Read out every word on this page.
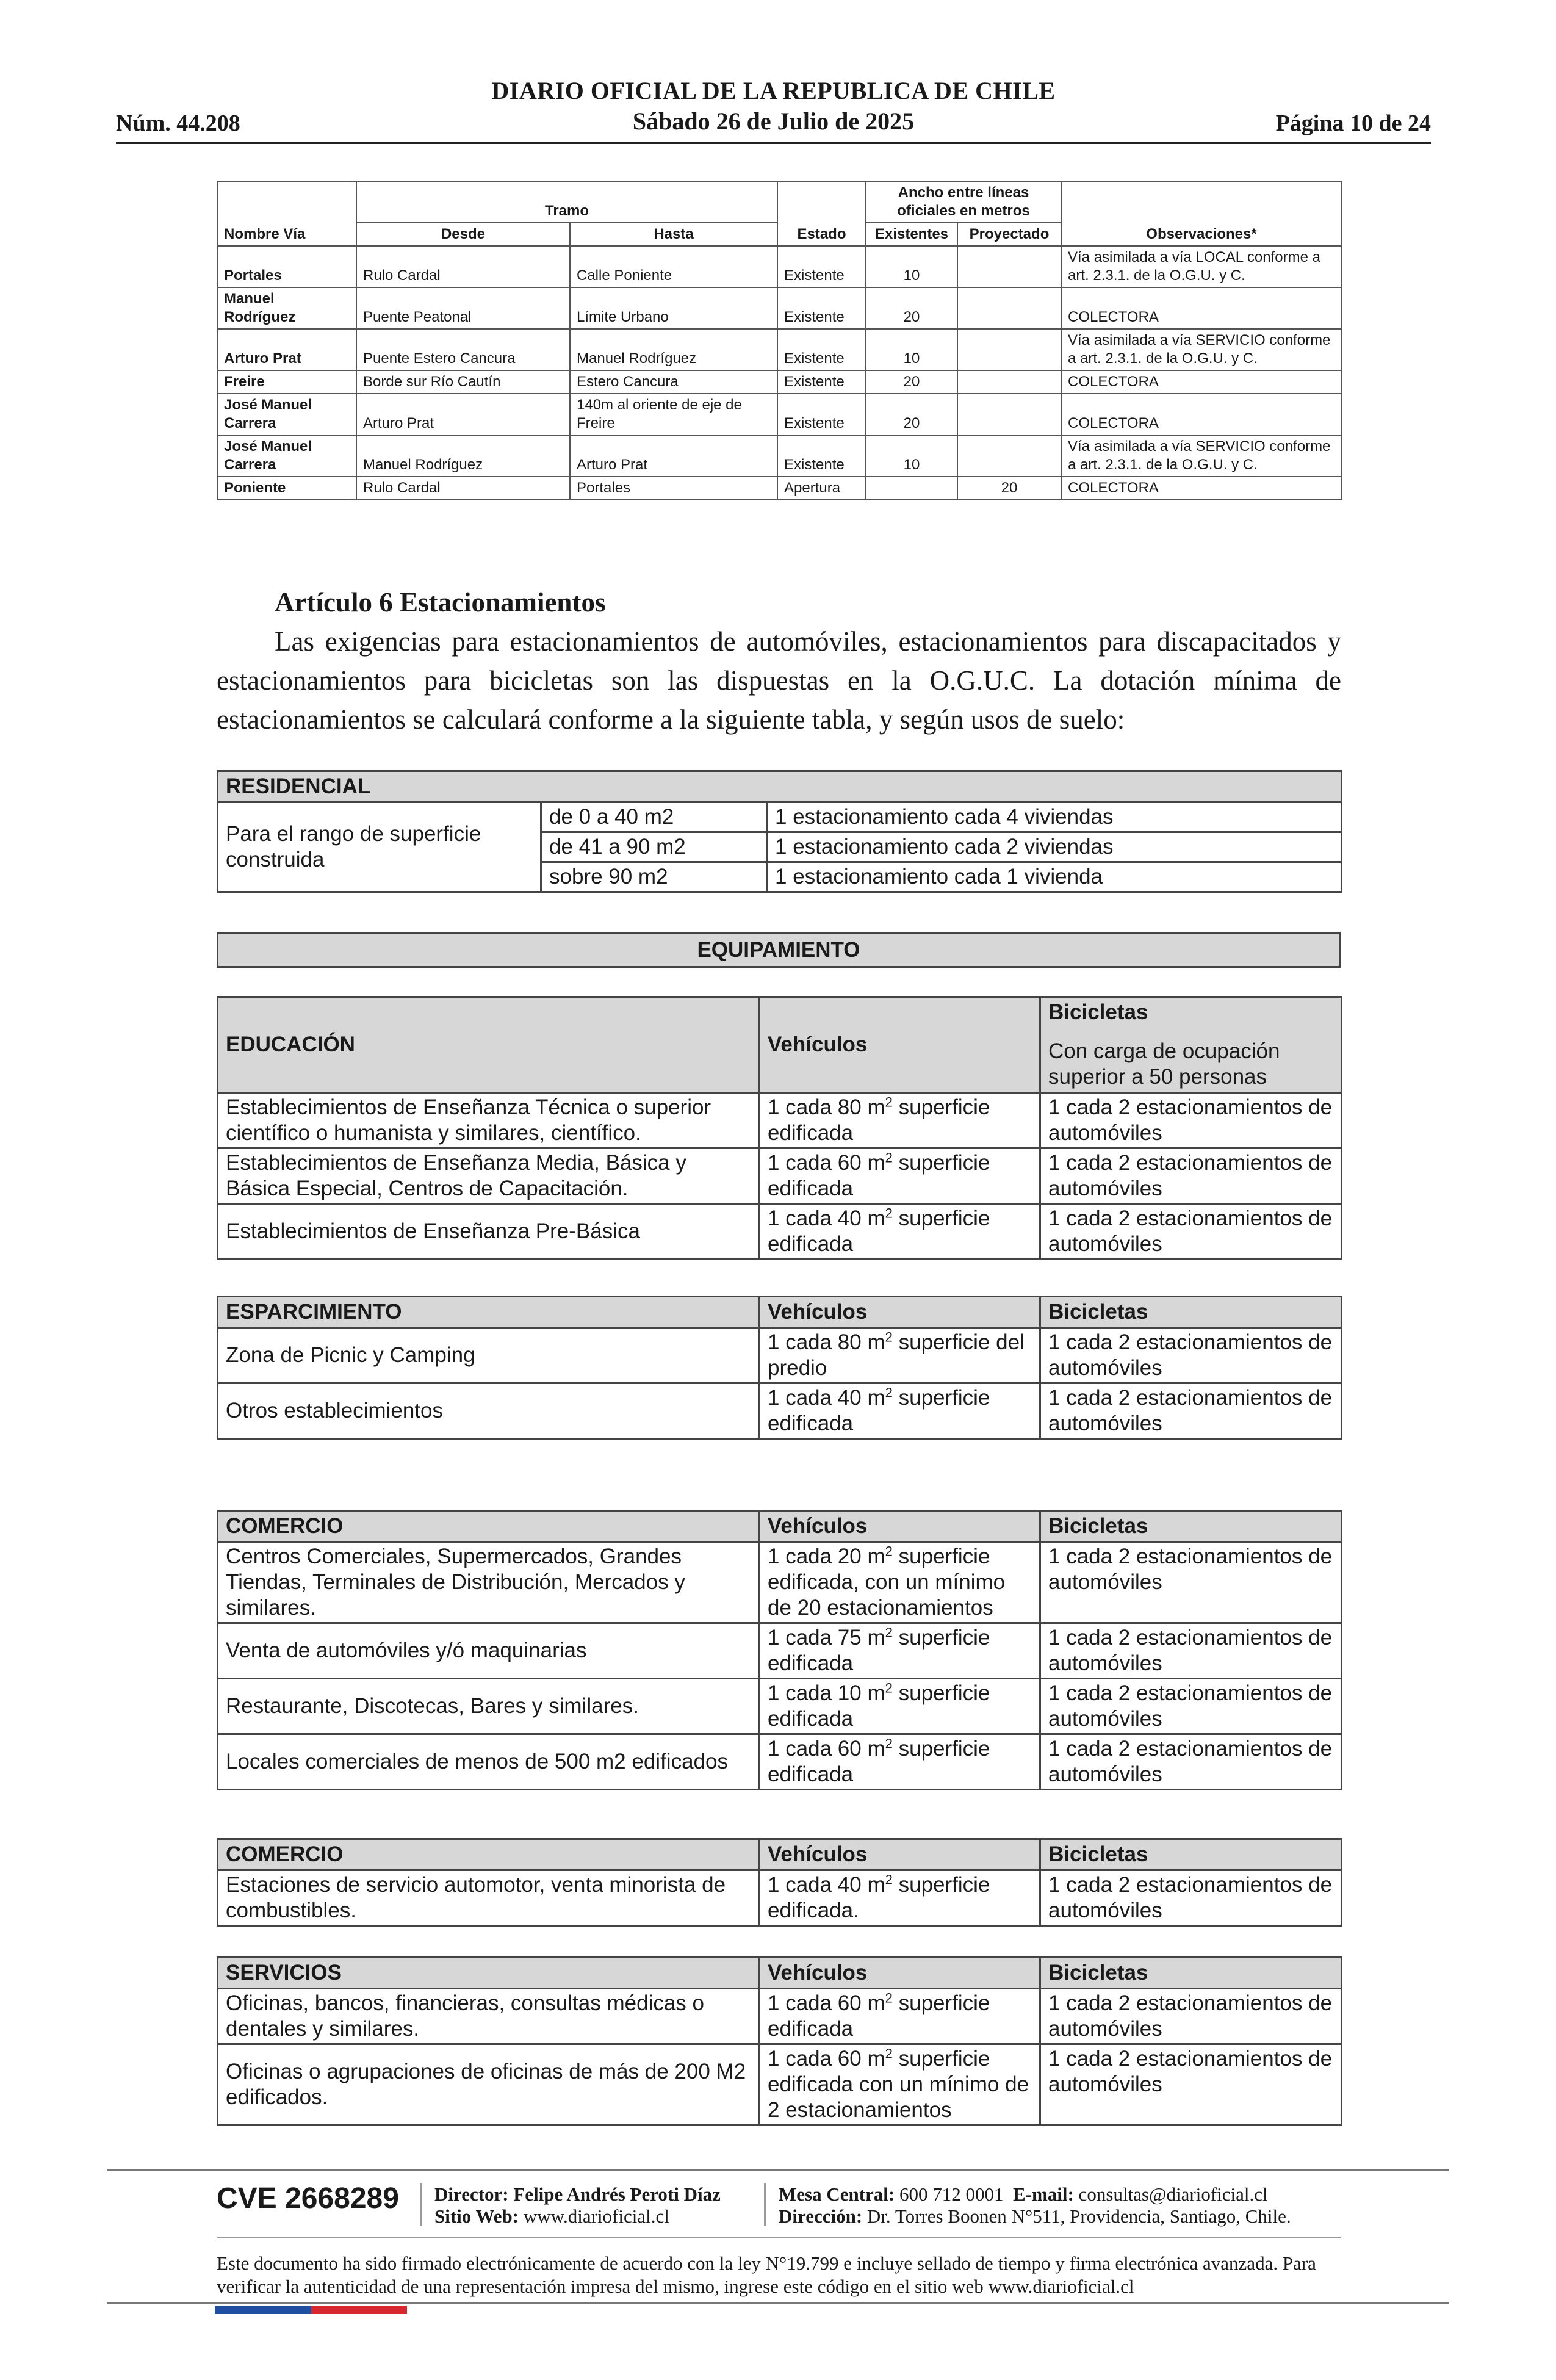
Núm. 44.208
DIARIO OFICIAL DE LA REPUBLICA DE CHILE
Sábado 26 de Julio de 2025	Página 10 de 24
Nombre Vía	Tramo		Estado	Ancho entre líneas oficiales en metros		Observaciones*
	Desde	Hasta		Existentes	Proyectado	
Portales	Rulo Cardal	Calle Poniente	Existente	10		Vía asimilada a vía LOCAL conforme a art. 2.3.1. de la O.G.U. y C.
Manuel Rodríguez	Puente Peatonal	Límite Urbano	Existente	20		COLECTORA
Arturo Prat	Puente Estero Cancura	Manuel Rodríguez	Existente	10		Vía asimilada a vía SERVICIO conforme a art. 2.3.1. de la O.G.U. y C.
Freire	Borde sur Río Cautín	Estero Cancura	Existente	20		COLECTORA
José Manuel Carrera	Arturo Prat	140m al oriente de eje de Freire	Existente	20		COLECTORA
José Manuel Carrera	Manuel Rodríguez	Arturo Prat	Existente	10		Vía asimilada a vía SERVICIO conforme a art. 2.3.1. de la O.G.U. y C.
Poniente	Rulo Cardal	Portales	Apertura		20	COLECTORA
Artículo 6 Estacionamientos

Las exigencias para estacionamientos de automóviles, estacionamientos para discapacitados y estacionamientos para bicicletas son las dispuestas en la O.G.U.C. La dotación mínima de estacionamientos se calculará conforme a la siguiente tabla, y según usos de suelo:

RESIDENCIAL		
Para el rango de superficie construida	de 0 a 40 m2	1 estacionamiento cada 4 viviendas
	de 41 a 90 m2	1 estacionamiento cada 2 viviendas
	sobre 90 m2	1 estacionamiento cada 1 vivienda
EQUIPAMIENTO
EDUCACIÓN	Vehículos	Bicicletas
Con carga de ocupación superior a 50 personas

Establecimientos de Enseñanza Técnica o superior científico o humanista y similares, científico.	1 cada 80 $m^2$ superficie edificada	1 cada 2 estacionamientos de automóviles
Establecimientos de Enseñanza Media, Básica y Básica Especial, Centros de Capacitación.	1 cada 60 $m^2$ superficie edificada	1 cada 2 estacionamientos de automóviles
Establecimientos de Enseñanza Pre-Básica	1 cada 40 $m^2$ superficie edificada	1 cada 2 estacionamientos de automóviles
ESPARCIMIENTO	Vehículos	Bicicletas
Zona de Picnic y Camping	1 cada 80 $m^2$ superficie del predio	1 cada 2 estacionamientos de automóviles
Otros establecimientos	1 cada 40 $m^2$ superficie edificada	1 cada 2 estacionamientos de automóviles
COMERCIO	Vehículos	Bicicletas
Centros Comerciales, Supermercados, Grandes Tiendas, Terminales de Distribución, Mercados y similares.	1 cada 20 $m^2$ superficie edificada, con un mínimo de 20 estacionamientos	1 cada 2 estacionamientos de automóviles
Venta de automóviles y/ó maquinarias	1 cada 75 $m^2$ superficie edificada	1 cada 2 estacionamientos de automóviles
Restaurante, Discotecas, Bares y similares.	1 cada 10 $m^2$ superficie edificada	1 cada 2 estacionamientos de automóviles
Locales comerciales de menos de 500 m2 edificados	1 cada 60 $m^2$ superficie edificada	1 cada 2 estacionamientos de automóviles
COMERCIO	Vehículos	Bicicletas
Estaciones de servicio automotor, venta minorista de combustibles.	1 cada 40 $m^2$ superficie edificada.	1 cada 2 estacionamientos de automóviles
SERVICIOS	Vehículos	Bicicletas
Oficinas, bancos, financieras, consultas médicas o dentales y similares.	1 cada 60 $m^2$ superficie edificada	1 cada 2 estacionamientos de automóviles
Oficinas o agrupaciones de oficinas de más de 200 M2 edificados.	1 cada 60 $m^2$ superficie edificada con un mínimo de 2 estacionamientos	1 cada 2 estacionamientos de automóviles
CVE 2668289 Director: Felipe Andrés Peroti Díaz
Sitio Web: www.diarioficial.cl
Mesa Central: 600 712 0001 E-mail: consultas@diarioficial.cl
Dirección: Dr. Torres Boonen N°511, Providencia, Santiago, Chile.
Este documento ha sido firmado electrónicamente de acuerdo con la ley N°19.799 e incluye sellado de tiempo y firma electrónica avanzada. Para verificar la autenticidad de una representación impresa del mismo, ingrese este código en el sitio web www.diarioficial.cl
